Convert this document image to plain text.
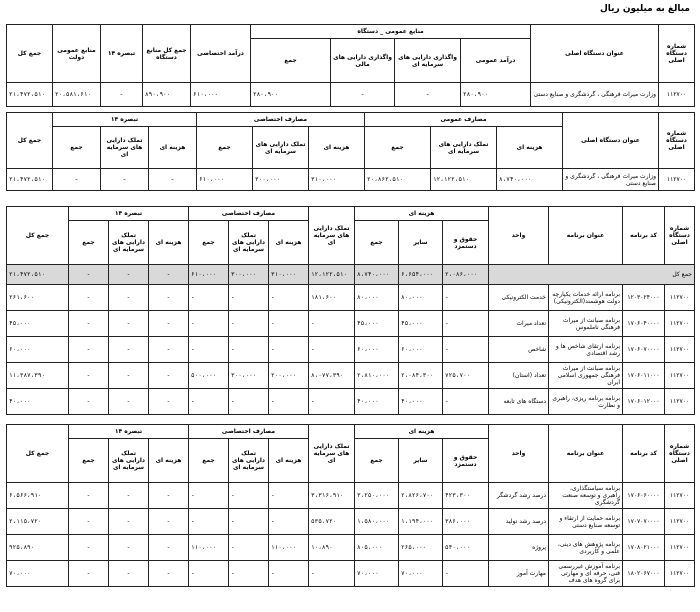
مبالغ به میلیون ریال
شماره دستگاه اصلی	عنوان دستگاه اصلی	منابع عمومی _ دستگاه				درآمد اختصاصی	جمع کل منابع دستگاه	تبصره ۱۴	منابع عمومی دولت	جمع کل
		درآمد عمومی	واگذاری دارایی های سرمایه ای	واگذاری دارایی های مالی	جمع					
۱۱۲۷۰۰	وزارت میراث فرهنگی ، گردشگری و صنایع دستی	۲۸۰،۹۰۰	-	-	۲۸۰،۹۰۰	۶۱۰،۰۰۰	۸۹۰،۹۰۰	-	۲۰،۵۸۱،۶۱۰	۲۱،۴۷۲،۵۱۰
شماره دستگاه اصلی	عنوان دستگاه اصلی	مصارف عمومی			مصارف اختصاصی			تبصره ۱۴			جمع کل
		هزینه ای	تملک دارایی های سرمایه ای	جمع	هزینه ای	تملک دارایی های سرمایه ای	جمع	هزینه ای	تملک دارایی های سرمایه ای	جمع	
۱۱۲۷۰۰	وزارت میراث فرهنگی ، گردشگری و صنایع دستی	۸،۷۴۰،۰۰۰	۱۲،۱۲۲،۵۱۰	۲۰،۸۶۲،۵۱۰	۳۱۰،۰۰۰	۳۰۰،۰۰۰	۶۱۰،۰۰۰	-	-	-	۲۱،۴۷۲،۵۱۰
شماره دستگاه اصلی	کد برنامه	عنوان برنامه	واحد	هزینه ای			تملک دارایی های سرمایه ای	مصارف اختصاصی			تبصره ۱۴			جمع کل
				حقوق و دستمزد	سایر	جمع		هزینه ای	تملک دارایی های سرمایه ای	جمع	هزینه ای	تملک دارایی های سرمایه ای	جمع	
جمع کل				۲،۰۸۶،۰۰۰	۶،۶۵۴،۰۰۰	۸،۷۴۰،۰۰۰	۱۲،۱۲۲،۵۱۰	۳۱۰،۰۰۰	۳۰۰،۰۰۰	۶۱۰،۰۰۰	-	-	-	۲۱،۴۷۲،۵۱۰
۱۱۲۷۰۰	۱۲۰۳۰۲۴۰۰۰	برنامه ارائه خدمات یکپارچه دولت هوشمند(الکترونیکی)	خدمت الکترونیکی	-	۸۰،۰۰۰	۸۰،۰۰۰	۱۸۱،۶۰۰	-	-	-	-	-	-	۲۶۱،۶۰۰
۱۱۲۷۰۰	۱۷۰۶۰۴۰۰۰۰	برنامه صیانت از میراث فرهنگی ناملموس	تعداد میراث	-	۴۵،۰۰۰	۴۵،۰۰۰	-	-	-	-	-	-	-	۴۵،۰۰۰
۱۱۲۷۰۰	۱۷۰۶۰۷۰۰۰۰	برنامه ارتقای شاخص ها و رشد اقتصادی	شاخص	-	۶۰،۰۰۰	۶۰،۰۰۰	-	-	-	-	-	-	-	۶۰،۰۰۰
۱۱۲۷۰۰	۱۷۰۶۰۱۱۰۰۰	برنامه صیانت از میراث فرهنگی جمهوری اسلامی ایران	تعداد (استان)	۷۲۵،۷۰۰	۲،۰۸۴،۳۰۰	۲،۸۱۰،۰۰۰	۸،۰۷۷،۳۹۰	۲۰۰،۰۰۰	۳۰۰،۰۰۰	۵۰۰،۰۰۰	-	-	-	۱۱،۳۸۷،۳۹۰
۱۱۲۷۰۰	۱۷۰۶۰۱۲۰۰۰	برنامه برنامه ریزی، راهبری و نظارت	دستگاه های تابعه	-	۴۰،۰۰۰	۴۰،۰۰۰	-	-	-	-	-	-	-	۴۰،۰۰۰
شماره دستگاه اصلی	کد برنامه	عنوان برنامه	واحد	هزینه ای			تملک دارایی های سرمایه ای	مصارف اختصاصی			تبصره ۱۴			جمع کل
				حقوق و دستمزد	سایر	جمع		هزینه ای	تملک دارایی های سرمایه ای	جمع	هزینه ای	تملک دارایی های سرمایه ای	جمع	
۱۱۲۷۰۰	۱۷۰۶۰۶۰۰۰۰	برنامه سیاستگذاری، راهبری و توسعه صنعت گردشگری	درصد رشد گردشگر	۴۲۳،۳۰۰	۲،۸۲۶،۷۰۰	۳،۲۵۰،۰۰۰	۳،۳۱۶،۹۱۰	-	-	-	-	-	-	۶،۵۶۶،۹۱۰
۱۱۲۷۰۰	۱۷۰۷۰۷۰۰۰۰	برنامه حمایت از ارتقاء و توسعه صنایع دستی	درصد رشد تولید	۳۸۶،۰۰۰	۱،۱۹۴،۰۰۰	۱،۵۸۰،۰۰۰	۵۳۵،۷۲۰	-	-	-	-	-	-	۲،۱۱۵،۷۲۰
۱۱۲۷۰۰	۱۷۰۸۰۲۱۰۰۰	برنامه پژوهش های دینی، علمی و کاربردی	پروژه	۵۴۰،۰۰۰	۲۶۵،۰۰۰	۸۰۵،۰۰۰	۱۰،۸۹۰	۱۱۰،۰۰۰	-	۱۱۰،۰۰۰	-	-	-	۹۲۵،۸۹۰
۱۱۲۷۰۰	۱۸۰۲۰۶۷۰۰۰	برنامه آموزش غیررسمی فنی، حرفه ای و مهارتی برای گروه های هدف	مهارت آموز	-	۷۰،۰۰۰	۷۰،۰۰۰	-	-	-	-	-	-	-	۷۰،۰۰۰
